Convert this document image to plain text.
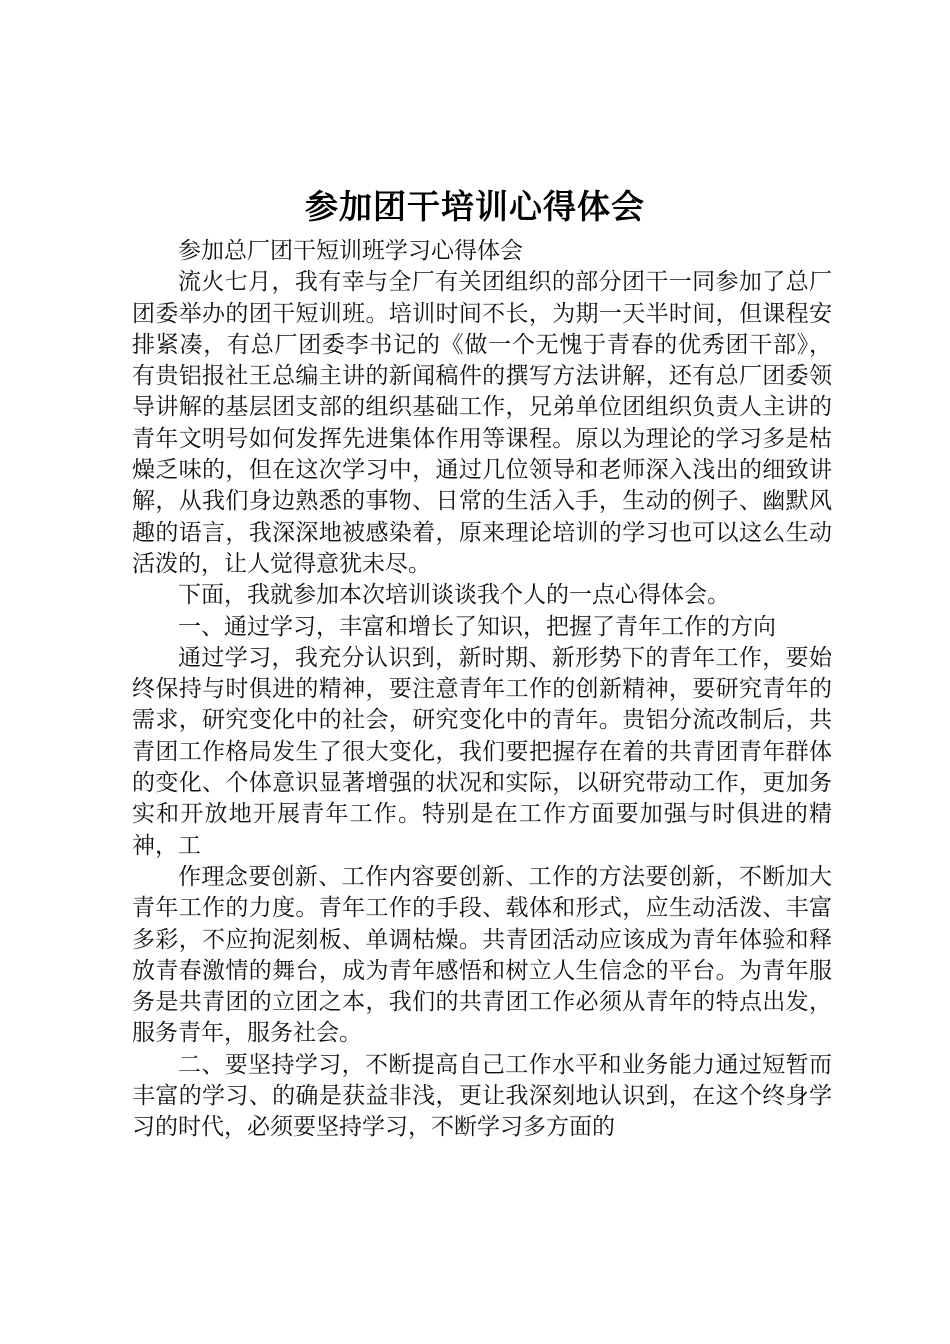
参加团干培训心得体会

参加总厂团干短训班学习心得体会

流火七月，我有幸与全厂有关团组织的部分团干一同参加了总厂团委举办的团干短训班。培训时间不长，为期一天半时间，但课程安排紧凑，有总厂团委李书记的《做一个无愧于青春的优秀团干部》，有贵铝报社王总编主讲的新闻稿件的撰写方法讲解，还有总厂团委领导讲解的基层团支部的组织基础工作，兄弟单位团组织负责人主讲的青年文明号如何发挥先进集体作用等课程。原以为理论的学习多是枯燥乏味的，但在这次学习中，通过几位领导和老师深入浅出的细致讲解，从我们身边熟悉的事物、日常的生活入手，生动的例子、幽默风趣的语言，我深深地被感染着，原来理论培训的学习也可以这么生动活泼的，让人觉得意犹未尽。

下面，我就参加本次培训谈谈我个人的一点心得体会。

一、通过学习，丰富和增长了知识，把握了青年工作的方向

通过学习，我充分认识到，新时期、新形势下的青年工作，要始终保持与时俱进的精神，要注意青年工作的创新精神，要研究青年的需求，研究变化中的社会，研究变化中的青年。贵铝分流改制后，共青团工作格局发生了很大变化，我们要把握存在着的共青团青年群体的变化、个体意识显著增强的状况和实际，以研究带动工作，更加务实和开放地开展青年工作。特别是在工作方面要加强与时俱进的精神，工

作理念要创新、工作内容要创新、工作的方法要创新，不断加大青年工作的力度。青年工作的手段、载体和形式，应生动活泼、丰富多彩，不应拘泥刻板、单调枯燥。共青团活动应该成为青年体验和释放青春激情的舞台，成为青年感悟和树立人生信念的平台。为青年服务是共青团的立团之本，我们的共青团工作必须从青年的特点出发，服务青年，服务社会。

二、要坚持学习，不断提高自己工作水平和业务能力通过短暂而丰富的学习、的确是获益非浅，更让我深刻地认识到，在这个终身学习的时代，必须要坚持学习，不断学习多方面的
